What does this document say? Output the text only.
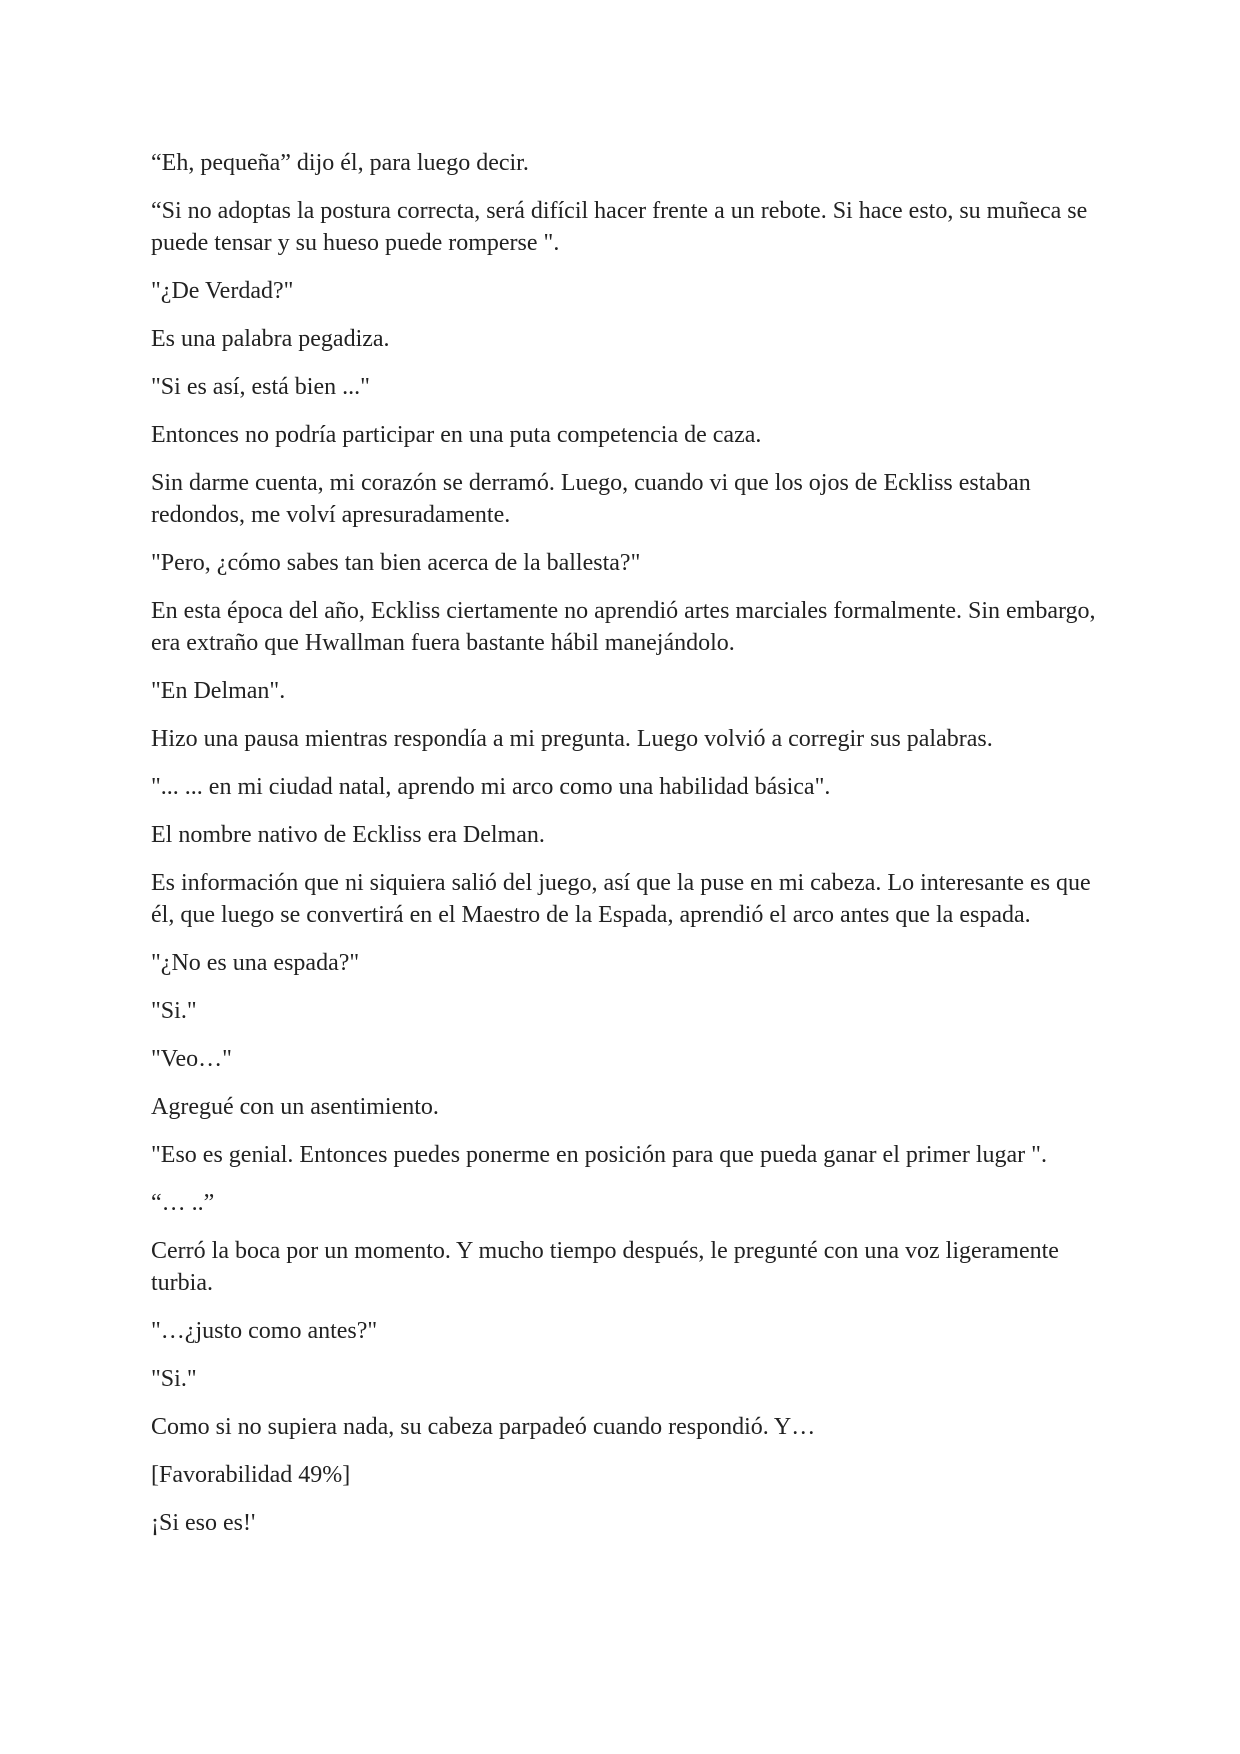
“Eh, pequeña” dijo él, para luego decir.

“Si no adoptas la postura correcta, será difícil hacer frente a un rebote. Si hace esto, su muñeca se puede tensar y su hueso puede romperse ".

"¿De Verdad?"

Es una palabra pegadiza.

"Si es así, está bien ..."

Entonces no podría participar en una puta competencia de caza.

Sin darme cuenta, mi corazón se derramó. Luego, cuando vi que los ojos de Eckliss estaban redondos, me volví apresuradamente.

"Pero, ¿cómo sabes tan bien acerca de la ballesta?"

En esta época del año, Eckliss ciertamente no aprendió artes marciales formalmente. Sin embargo, era extraño que Hwallman fuera bastante hábil manejándolo.

"En Delman".

Hizo una pausa mientras respondía a mi pregunta. Luego volvió a corregir sus palabras.

"... ... en mi ciudad natal, aprendo mi arco como una habilidad básica".

El nombre nativo de Eckliss era Delman.

Es información que ni siquiera salió del juego, así que la puse en mi cabeza. Lo interesante es que él, que luego se convertirá en el Maestro de la Espada, aprendió el arco antes que la espada.

"¿No es una espada?"

"Si."

"Veo…"

Agregué con un asentimiento.

"Eso es genial. Entonces puedes ponerme en posición para que pueda ganar el primer lugar ".

“… ..”

Cerró la boca por un momento. Y mucho tiempo después, le pregunté con una voz ligeramente turbia.

"…¿justo como antes?"

"Si."

Como si no supiera nada, su cabeza parpadeó cuando respondió. Y…

[Favorabilidad 49%]

¡Si eso es!'
